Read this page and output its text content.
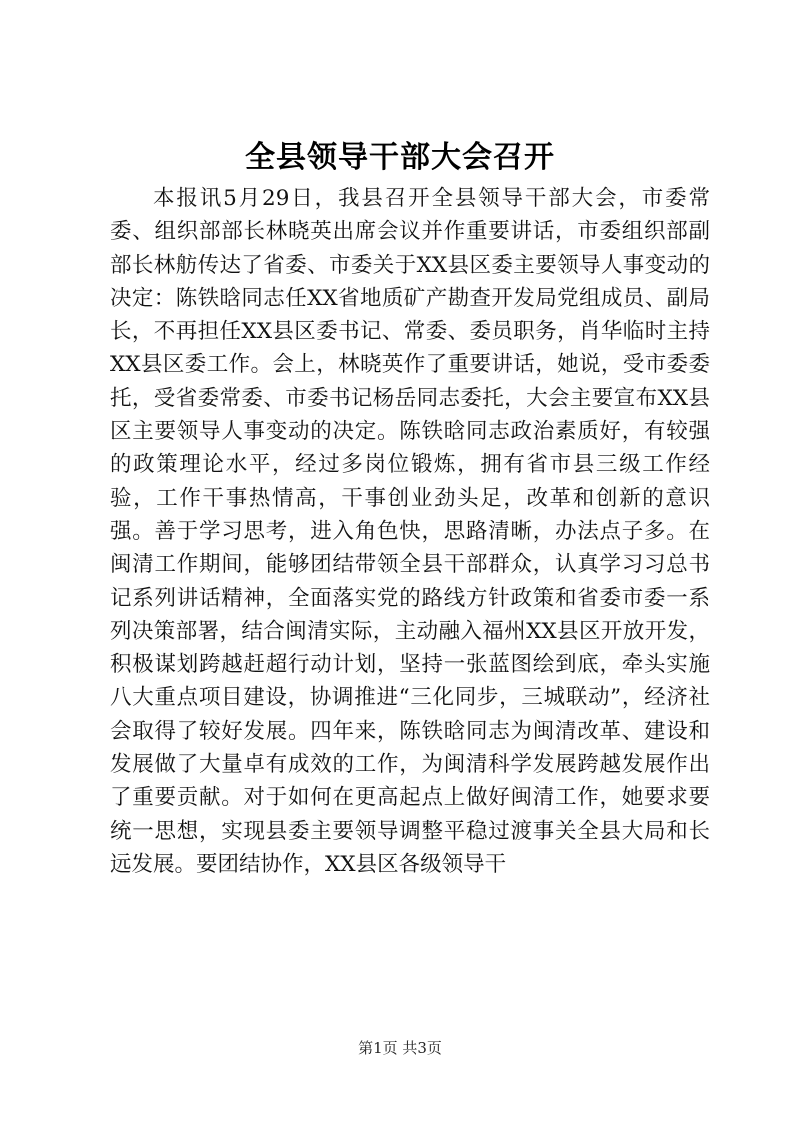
全县领导干部大会召开

本报讯5月29日，我县召开全县领导干部大会，市委常委、组织部部长林晓英出席会议并作重要讲话，市委组织部副部长林舫传达了省委、市委关于XX县区委主要领导人事变动的决定：陈铁晗同志任XX省地质矿产勘查开发局党组成员、副局长，不再担任XX县区委书记、常委、委员职务，肖华临时主持XX县区委工作。会上，林晓英作了重要讲话，她说，受市委委托，受省委常委、市委书记杨岳同志委托，大会主要宣布XX县区主要领导人事变动的决定。陈铁晗同志政治素质好，有较强的政策理论水平，经过多岗位锻炼，拥有省市县三级工作经验，工作干事热情高，干事创业劲头足，改革和创新的意识强。善于学习思考，进入角色快，思路清晰，办法点子多。在闽清工作期间，能够团结带领全县干部群众，认真学习习总书记系列讲话精神，全面落实党的路线方针政策和省委市委一系列决策部署，结合闽清实际，主动融入福州XX县区开放开发，积极谋划跨越赶超行动计划，坚持一张蓝图绘到底，牵头实施八大重点项目建设，协调推进“三化同步，三城联动”，经济社会取得了较好发展。四年来，陈铁晗同志为闽清改革、建设和发展做了大量卓有成效的工作，为闽清科学发展跨越发展作出了重要贡献。对于如何在更高起点上做好闽清工作，她要求要统一思想，实现县委主要领导调整平稳过渡事关全县大局和长远发展。要团结协作，XX县区各级领导干

第1页 共3页
